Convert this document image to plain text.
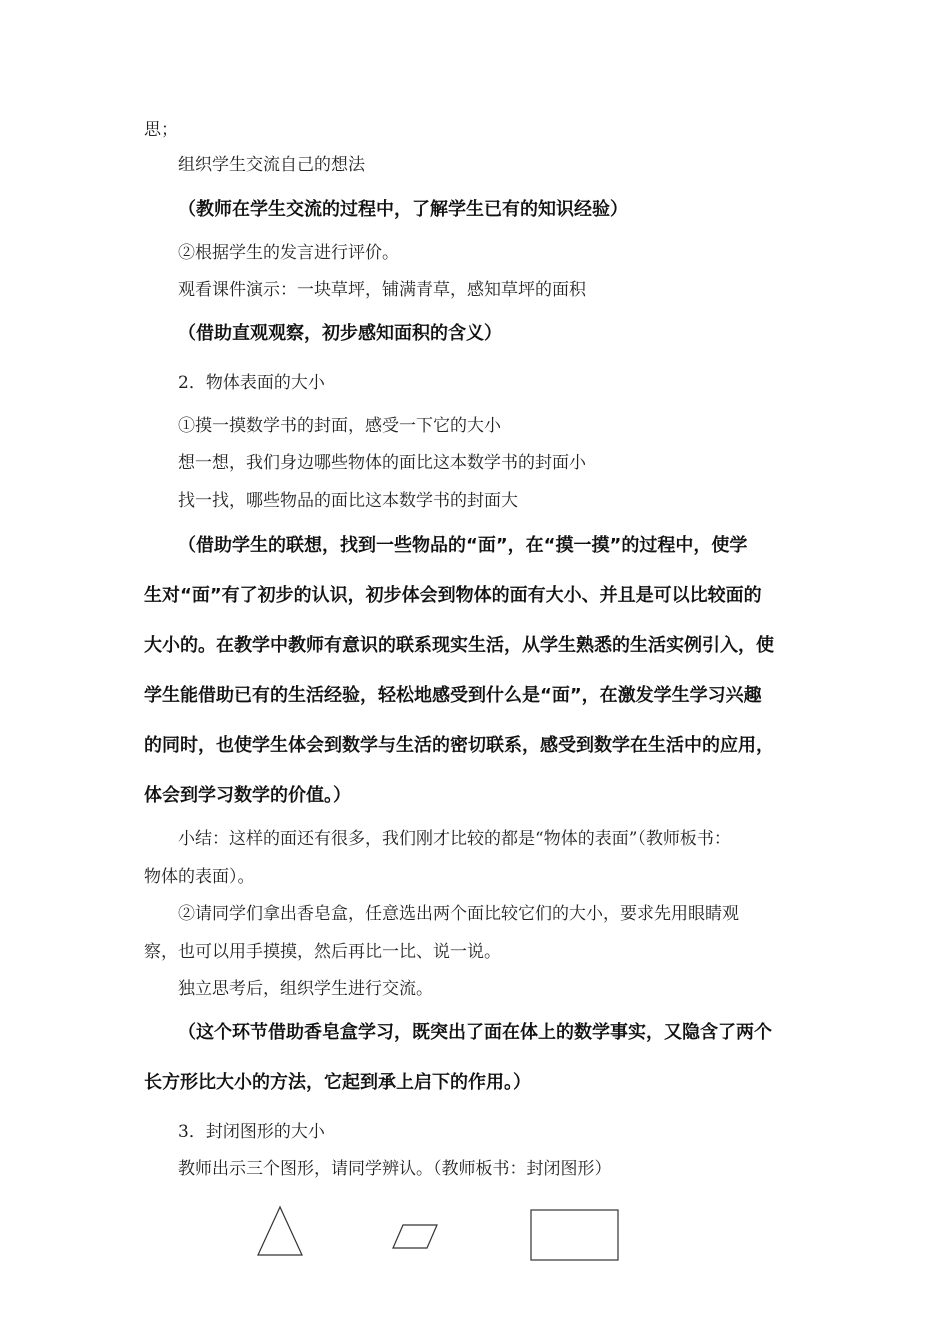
思；
组织学生交流自己的想法
（教师在学生交流的过程中，了解学生已有的知识经验）
②根据学生的发言进行评价。
观看课件演示：一块草坪，铺满青草，感知草坪的面积
（借助直观观察，初步感知面积的含义）
2．物体表面的大小
①摸一摸数学书的封面，感受一下它的大小
想一想，我们身边哪些物体的面比这本数学书的封面小
找一找，哪些物品的面比这本数学书的封面大
（借助学生的联想，找到一些物品的“面”，在“摸一摸”的过程中，使学
生对“面”有了初步的认识，初步体会到物体的面有大小、并且是可以比较面的
大小的。在教学中教师有意识的联系现实生活，从学生熟悉的生活实例引入，使
学生能借助已有的生活经验，轻松地感受到什么是“面”，在激发学生学习兴趣
的同时，也使学生体会到数学与生活的密切联系，感受到数学在生活中的应用，
体会到学习数学的价值。）
小结：这样的面还有很多，我们刚才比较的都是“物体的表面”（教师板书：
物体的表面）。
②请同学们拿出香皂盒，任意选出两个面比较它们的大小，要求先用眼睛观
察，也可以用手摸摸，然后再比一比、说一说。
独立思考后，组织学生进行交流。
（这个环节借助香皂盒学习，既突出了面在体上的数学事实，又隐含了两个
长方形比大小的方法，它起到承上启下的作用。）
3．封闭图形的大小
教师出示三个图形，请同学辨认。（教师板书：封闭图形）
